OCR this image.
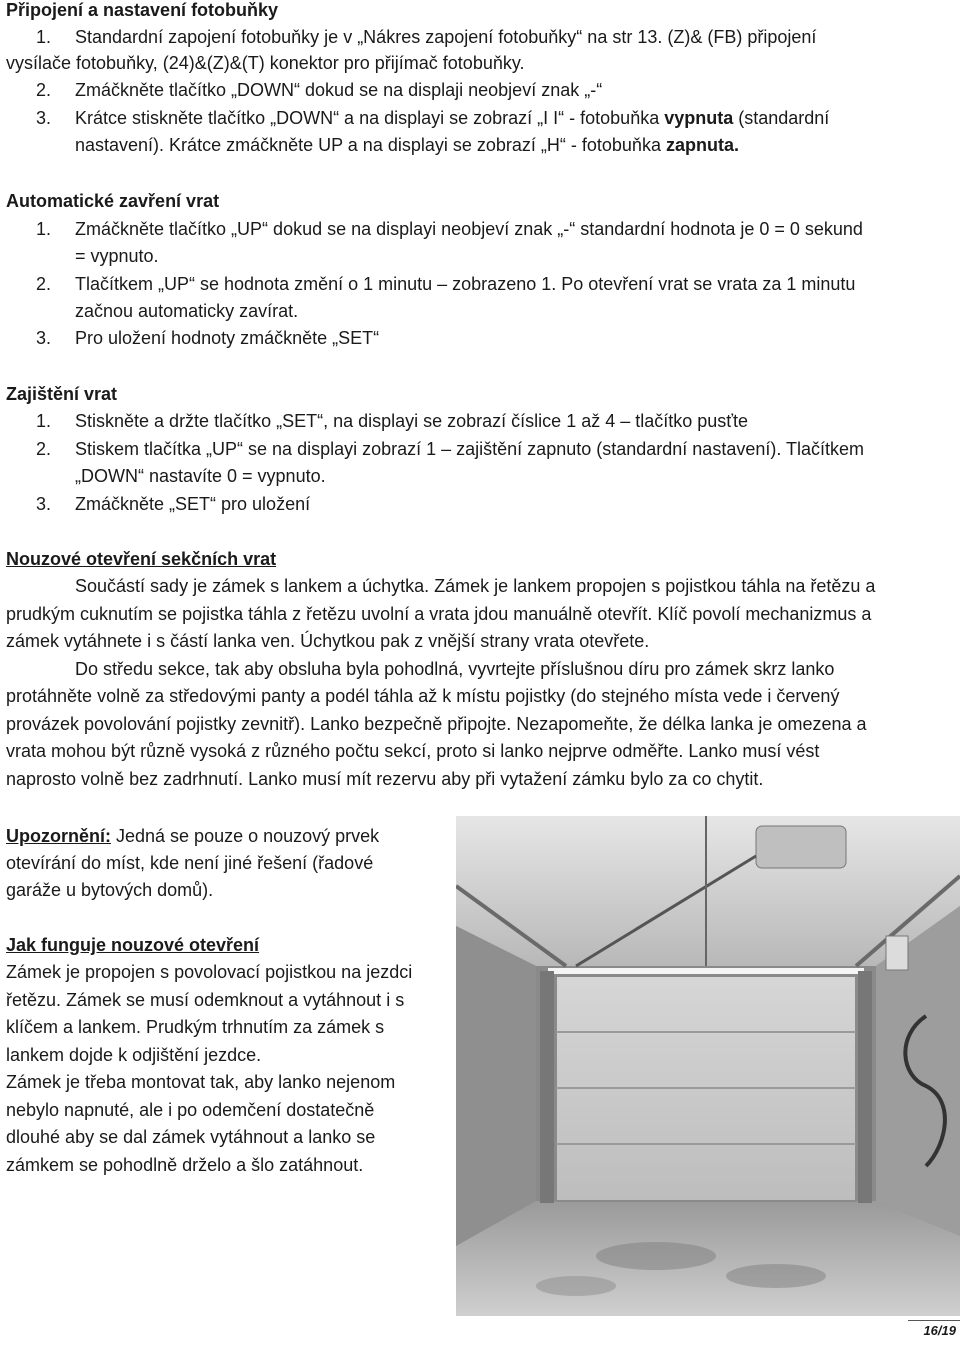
Připojení a nastavení fotobuňky
1. Standardní zapojení fotobuňky je v „Nákres zapojení fotobuňky“ na str 13. (Z)& (FB) připojení
vysílače fotobuňky, (24)&(Z)&(T) konektor pro přijímač fotobuňky.
2. Zmáčkněte tlačítko „DOWN“ dokud se na displaji neobjeví znak „-“
3. Krátce stiskněte tlačítko „DOWN“ a na displayi se zobrazí „I I“ - fotobuňka vypnuta (standardní
nastavení). Krátce zmáčkněte UP a na displayi se zobrazí „H“ - fotobuňka zapnuta.
Automatické zavření vrat
1. Zmáčkněte tlačítko „UP“ dokud se na displayi neobjeví znak „-“ standardní hodnota je 0 = 0 sekund
= vypnuto.
2. Tlačítkem „UP“ se hodnota změní o 1 minutu – zobrazeno 1. Po otevření vrat se vrata za 1 minutu
začnou automaticky zavírat.
3. Pro uložení hodnoty zmáčkněte „SET“
Zajištění vrat
1. Stiskněte a držte tlačítko „SET“, na displayi se zobrazí číslice 1 až 4 – tlačítko pusťte
2. Stiskem tlačítka „UP“ se na displayi zobrazí 1 – zajištění zapnuto (standardní nastavení). Tlačítkem
„DOWN“ nastavíte 0 = vypnuto.
3. Zmáčkněte „SET“ pro uložení
Nouzové otevření sekčních vrat
Součástí sady je zámek s lankem a úchytka. Zámek je lankem propojen s pojistkou táhla na řetězu a
prudkým cuknutím se pojistka táhla z řetězu uvolní a vrata jdou manuálně otevřít. Klíč povolí mechanizmus a
zámek vytáhnete i s částí lanka ven. Úchytkou pak z vnější strany vrata otevřete.
Do středu sekce, tak aby obsluha byla pohodlná, vyvrtejte příslušnou díru pro zámek skrz lanko
protáhněte volně za středovými panty a podél táhla až k místu pojistky (do stejného místa vede i červený
provázek povolování pojistky zevnitř). Lanko bezpečně připojte. Nezapomeňte, že délka lanka je omezena a
vrata mohou být různě vysoká z různého počtu sekcí, proto si lanko nejprve odměřte. Lanko musí vést
naprosto volně bez zadrhnutí. Lanko musí mít rezervu aby při vytažení zámku bylo za co chytit.
Upozornění: Jedná se pouze o nouzový prvek
otevírání do míst, kde není jiné řešení (řadové
garáže u bytových domů).
Jak funguje nouzové otevření
Zámek je propojen s povolovací pojistkou na jezdci
řetězu. Zámek se musí odemknout a vytáhnout i s
klíčem a lankem. Prudkým trhnutím za zámek s
lankem dojde k odjištění jezdce.
Zámek je třeba montovat tak, aby lanko nejenom
nebylo napnuté, ale i po odemčení dostatečně
dlouhé aby se dal zámek vytáhnout a lanko se
zámkem se pohodlně drželo a šlo zatáhnout.
16/19
